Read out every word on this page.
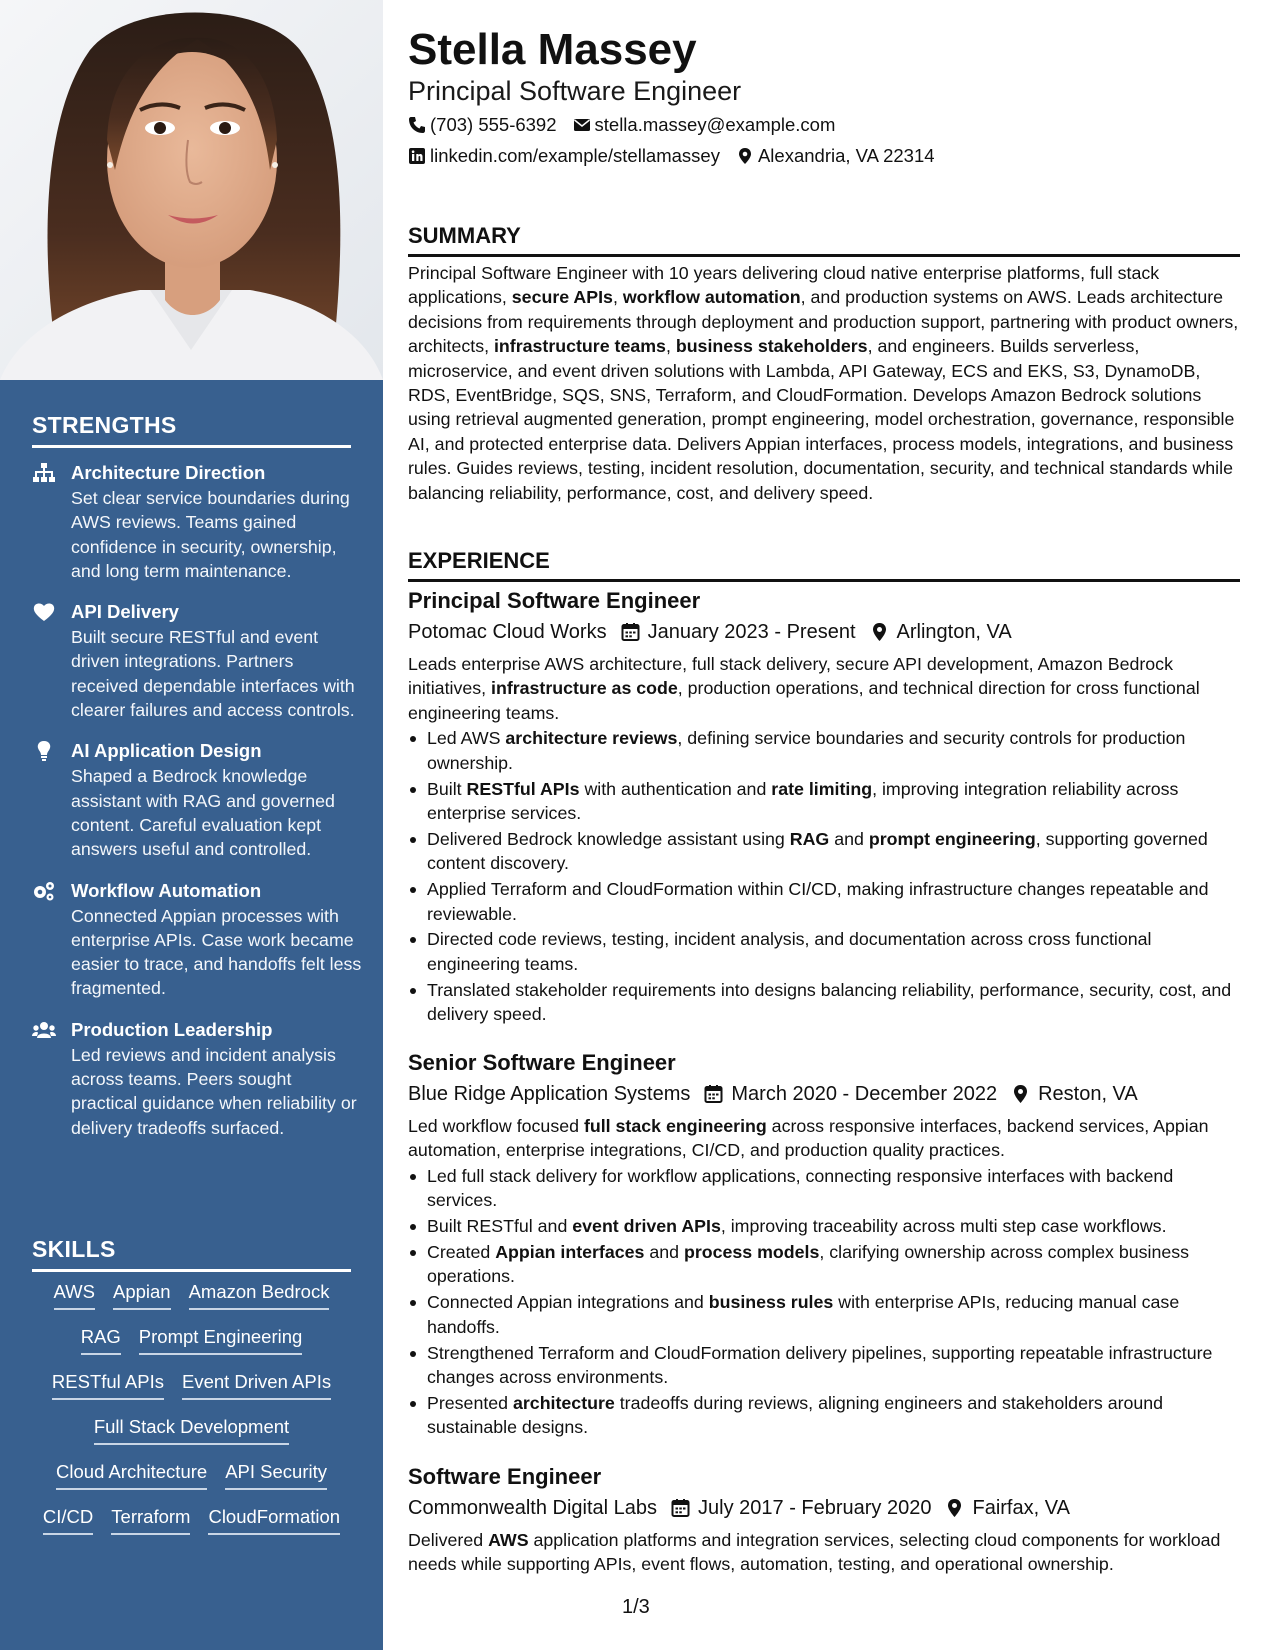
STRENGTHS
Architecture Direction
Set clear service boundaries during AWS reviews. Teams gained confidence in security, ownership, and long term maintenance.
API Delivery
Built secure RESTful and event driven integrations. Partners received dependable interfaces with clearer failures and access controls.
AI Application Design
Shaped a Bedrock knowledge assistant with RAG and governed content. Careful evaluation kept answers useful and controlled.
Workflow Automation
Connected Appian processes with enterprise APIs. Case work became easier to trace, and handoffs felt less fragmented.
Production Leadership
Led reviews and incident analysis across teams. Peers sought practical guidance when reliability or delivery tradeoffs surfaced.
SKILLS
AWS Appian Amazon Bedrock
RAG Prompt Engineering
RESTful APIs Event Driven APIs
Full Stack Development
Cloud Architecture API Security
CI/CD Terraform CloudFormation
Stella Massey
Principal Software Engineer
(703) 555-6392 stella.massey@example.com
linkedin.com/example/stellamassey Alexandria, VA 22314
SUMMARY

Principal Software Engineer with 10 years delivering cloud native enterprise platforms, full stack applications, secure APIs, workflow automation, and production systems on AWS. Leads architecture decisions from requirements through deployment and production support, partnering with product owners, architects, infrastructure teams, business stakeholders, and engineers. Builds serverless, microservice, and event driven solutions with Lambda, API Gateway, ECS and EKS, S3, DynamoDB, RDS, EventBridge, SQS, SNS, Terraform, and CloudFormation. Develops Amazon Bedrock solutions using retrieval augmented generation, prompt engineering, model orchestration, governance, responsible AI, and protected enterprise data. Delivers Appian interfaces, process models, integrations, and business rules. Guides reviews, testing, incident resolution, documentation, security, and technical standards while balancing reliability, performance, cost, and delivery speed.

EXPERIENCE
Principal Software Engineer
Potomac Cloud Works January 2023 - Present Arlington, VA

Leads enterprise AWS architecture, full stack delivery, secure API development, Amazon Bedrock initiatives, infrastructure as code, production operations, and technical direction for cross functional engineering teams.

Led AWS architecture reviews, defining service boundaries and security controls for production ownership.
Built RESTful APIs with authentication and rate limiting, improving integration reliability across enterprise services.
Delivered Bedrock knowledge assistant using RAG and prompt engineering, supporting governed content discovery.
Applied Terraform and CloudFormation within CI/CD, making infrastructure changes repeatable and reviewable.
Directed code reviews, testing, incident analysis, and documentation across cross functional engineering teams.
Translated stakeholder requirements into designs balancing reliability, performance, security, cost, and delivery speed.
Senior Software Engineer
Blue Ridge Application Systems March 2020 - December 2022 Reston, VA

Led workflow focused full stack engineering across responsive interfaces, backend services, Appian automation, enterprise integrations, CI/CD, and production quality practices.

Led full stack delivery for workflow applications, connecting responsive interfaces with backend services.
Built RESTful and event driven APIs, improving traceability across multi step case workflows.
Created Appian interfaces and process models, clarifying ownership across complex business operations.
Connected Appian integrations and business rules with enterprise APIs, reducing manual case handoffs.
Strengthened Terraform and CloudFormation delivery pipelines, supporting repeatable infrastructure changes across environments.
Presented architecture tradeoffs during reviews, aligning engineers and stakeholders around sustainable designs.
Software Engineer
Commonwealth Digital Labs July 2017 - February 2020 Fairfax, VA

Delivered AWS application platforms and integration services, selecting cloud components for workload needs while supporting APIs, event flows, automation, testing, and operational ownership.

1/3
